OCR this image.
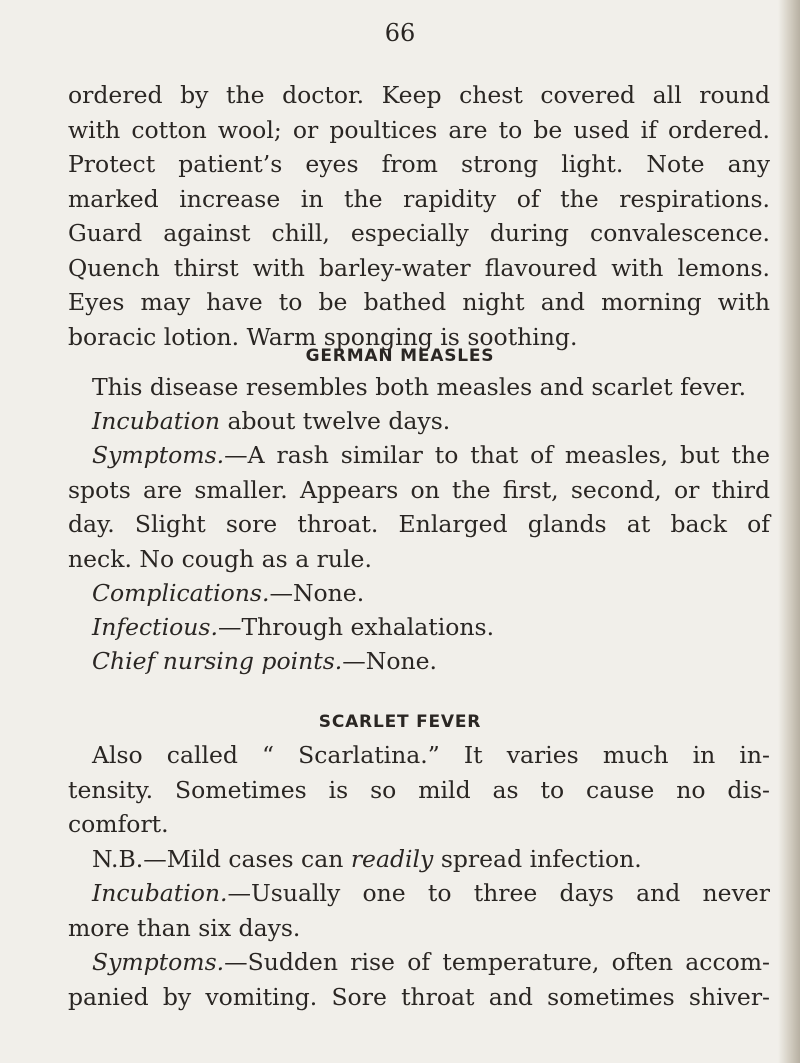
66
ordered by the doctor. Keep chest covered all round
with cotton wool; or poultices are to be used if ordered.
Protect patient’s eyes from strong light. Note any
marked increase in the rapidity of the respirations.
Guard against chill, especially during convalescence.
Quench thirst with barley-water flavoured with lemons.
Eyes may have to be bathed night and morning with
boracic lotion. Warm sponging is soothing.
GERMAN MEASLES
This disease resembles both measles and scarlet fever.
Incubation about twelve days.
Symptoms.—A rash similar to that of measles, but the
spots are smaller. Appears on the first, second, or third
day. Slight sore throat. Enlarged glands at back of
neck. No cough as a rule.
Complications.—None.
Infectious.—Through exhalations.
Chief nursing points.—None.
SCARLET FEVER
Also called “ Scarlatina.” It varies much in in-
tensity. Sometimes is so mild as to cause no dis-
comfort.
N.B.—Mild cases can readily spread infection.
Incubation.—Usually one to three days and never
more than six days.
Symptoms.—Sudden rise of temperature, often accom-
panied by vomiting. Sore throat and sometimes shiver-
